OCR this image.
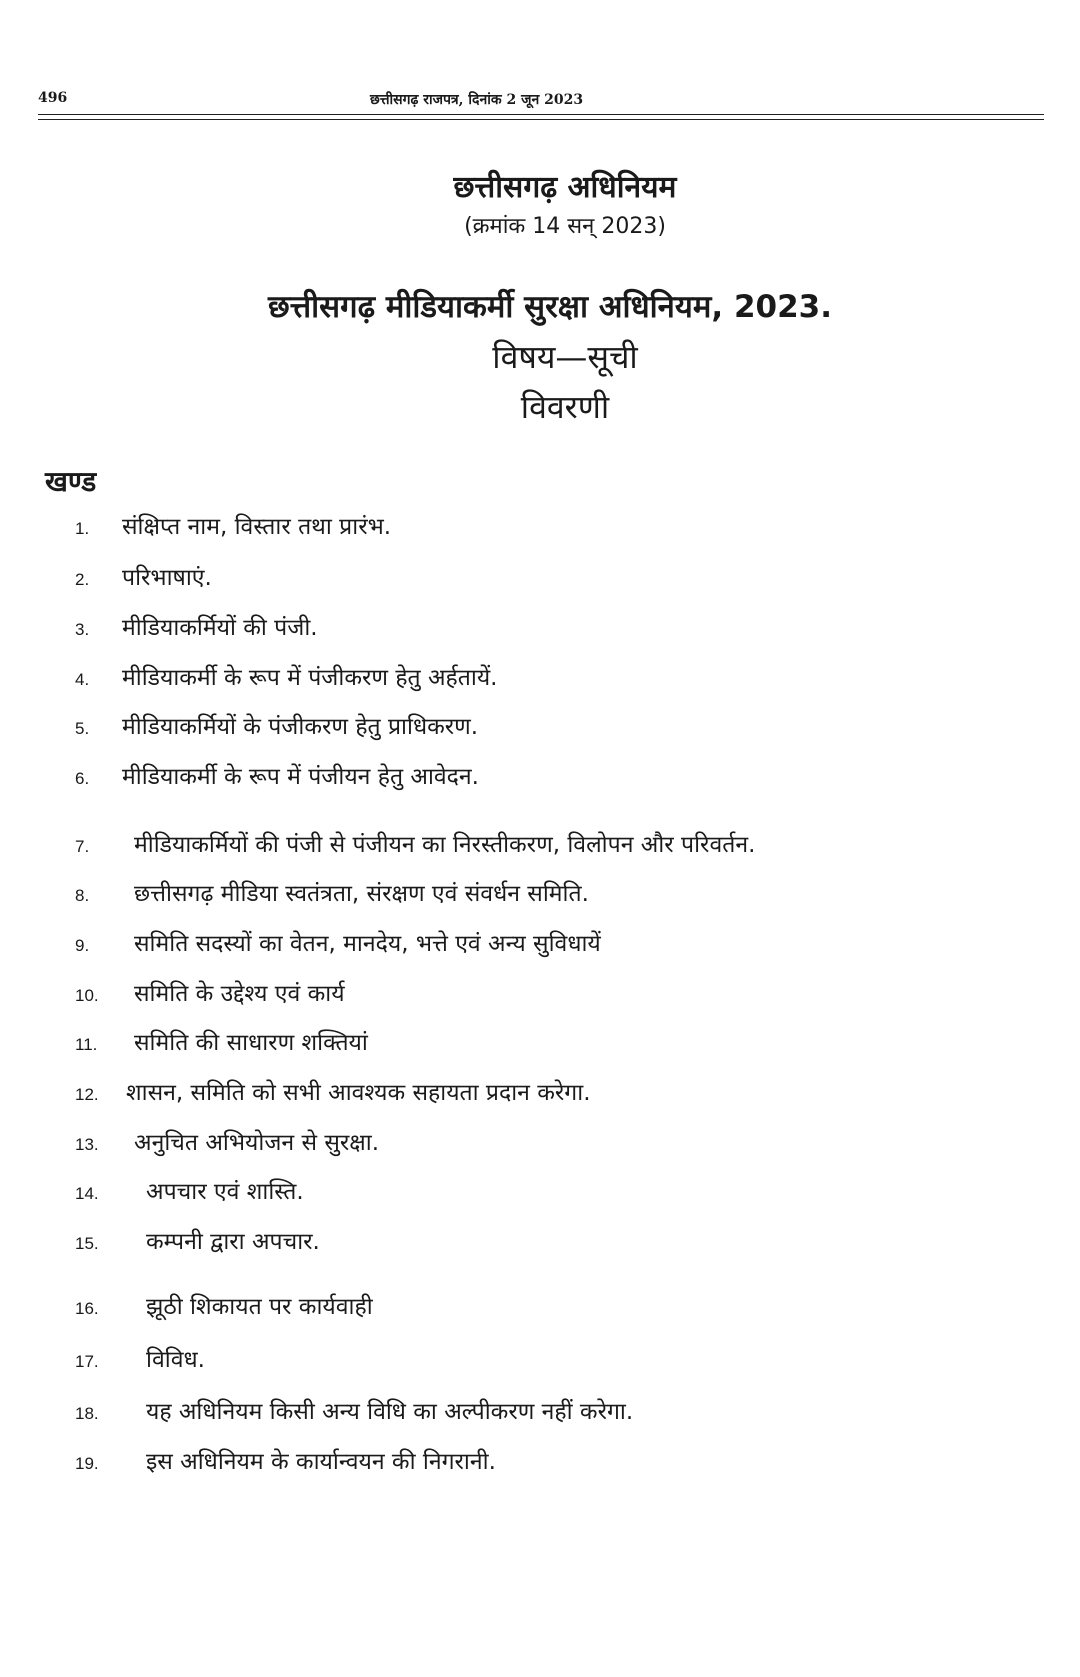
496	छत्तीसगढ़ राजपत्र, दिनांक 2 जून 2023
छत्तीसगढ़ अधिनियम
(क्रमांक 14 सन् 2023)
छत्तीसगढ़ मीडियाकर्मी सुरक्षा अधिनियम, 2023.
विषय—सूची
विवरणी
खण्ड
1. संक्षिप्त नाम, विस्तार तथा प्रारंभ.
2. परिभाषाएं.
3. मीडियाकर्मियों की पंजी.
4. मीडियाकर्मी के रूप में पंजीकरण हेतु अर्हतायें.
5. मीडियाकर्मियों के पंजीकरण हेतु प्राधिकरण.
6. मीडियाकर्मी के रूप में पंजीयन हेतु आवेदन.
7. मीडियाकर्मियों की पंजी से पंजीयन का निरस्तीकरण, विलोपन और परिवर्तन.
8. छत्तीसगढ़ मीडिया स्वतंत्रता, संरक्षण एवं संवर्धन समिति.
9. समिति सदस्यों का वेतन, मानदेय, भत्ते एवं अन्य सुविधायें
10. समिति के उद्देश्य एवं कार्य
11. समिति की साधारण शक्तियां
12. शासन, समिति को सभी आवश्यक सहायता प्रदान करेगा.
13. अनुचित अभियोजन से सुरक्षा.
14. अपचार एवं शास्ति.
15. कम्पनी द्वारा अपचार.
16. झूठी शिकायत पर कार्यवाही
17. विविध.
18. यह अधिनियम किसी अन्य विधि का अल्पीकरण नहीं करेगा.
19. इस अधिनियम के कार्यान्वयन की निगरानी.
